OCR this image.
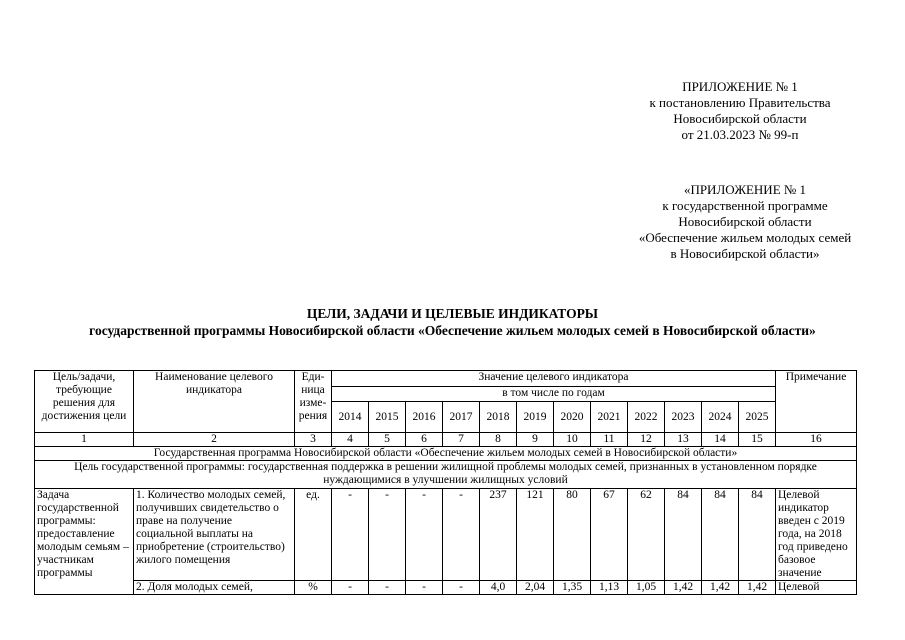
ПРИЛОЖЕНИЕ № 1
к постановлению Правительства
Новосибирской области
от 21.03.2023 № 99-п
«ПРИЛОЖЕНИЕ № 1
к государственной программе
Новосибирской области
«Обеспечение жильем молодых семей
в Новосибирской области»
ЦЕЛИ, ЗАДАЧИ И ЦЕЛЕВЫЕ ИНДИКАТОРЫ
государственной программы Новосибирской области «Обеспечение жильем молодых семей в Новосибирской области»
Цель/задачи, требующие решения для достижения цели	Наименование целевого индикатора	Еди-ница изме-рения	Значение целевого индикатора												Примечание
			в том числе по годам												
			2014	2015	2016	2017	2018	2019	2020	2021	2022	2023	2024	2025	
1	2	3	4	5	6	7	8	9	10	11	12	13	14	15	16
Государственная программа Новосибирской области «Обеспечение жильем молодых семей в Новосибирской области»															
Цель государственной программы: государственная поддержка в решении жилищной проблемы молодых семей, признанных в установленном порядке нуждающимися в улучшении жилищных условий															
Задача государственной программы: предоставление молодым семьям – участникам программы	1. Количество молодых семей, получивших свидетельство о праве на получение социальной выплаты на приобретение (строительство) жилого помещения	ед.	-	-	-	-	237	121	80	67	62	84	84	84	Целевой индикатор введен с 2019 года, на 2018 год приведено базовое значение
	2. Доля молодых семей,	%	-	-	-	-	4,0	2,04	1,35	1,13	1,05	1,42	1,42	1,42	Целевой
